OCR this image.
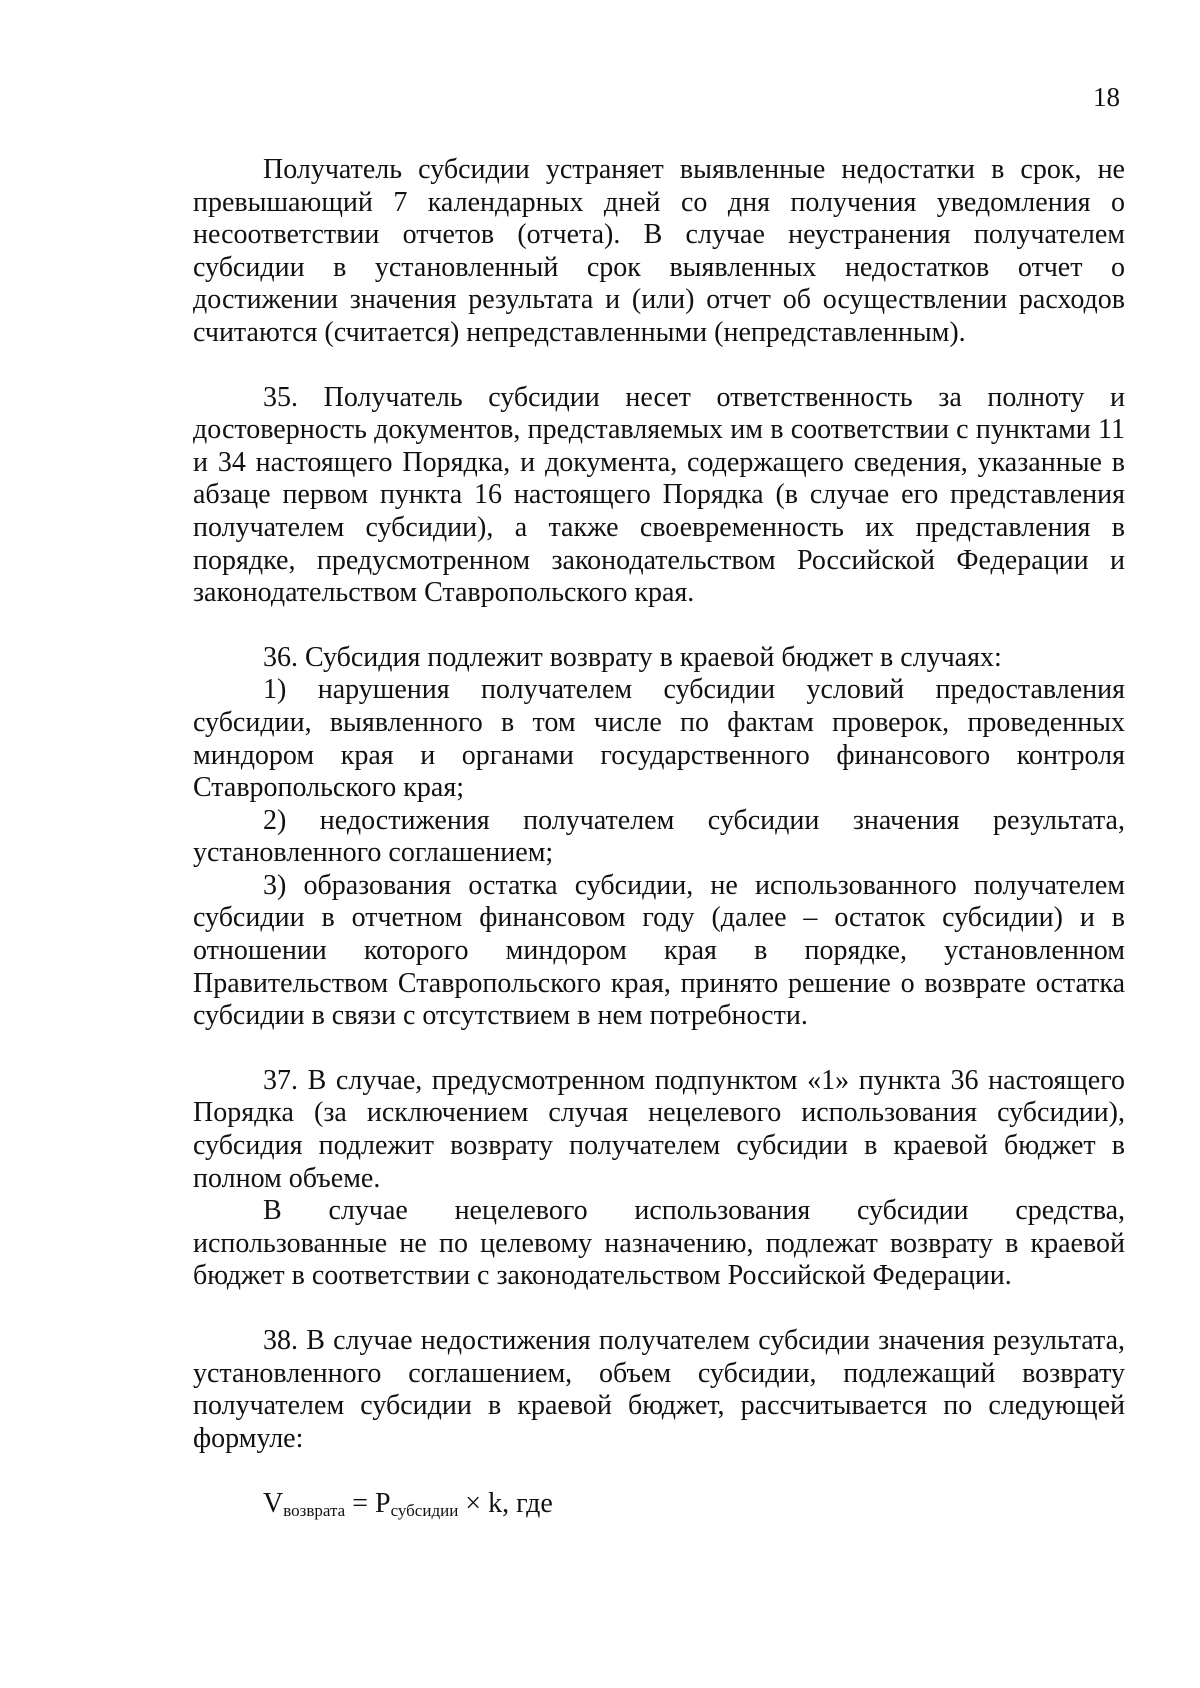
18

Получатель субсидии устраняет выявленные недостатки в срок, не превышающий 7 календарных дней со дня получения уведомления о несоответствии отчетов (отчета). В случае неустранения получателем субсидии в установленный срок выявленных недостатков отчет о достижении значения результата и (или) отчет об осуществлении расходов считаются (считается) непредставленными (непредставленным).

35. Получатель субсидии несет ответственность за полноту и достоверность документов, представляемых им в соответствии с пунктами 11 и 34 настоящего Порядка, и документа, содержащего сведения, указанные в абзаце первом пункта 16 настоящего Порядка (в случае его представления получателем субсидии), а также своевременность их представления в порядке, предусмотренном законодательством Российской Федерации и законодательством Ставропольского края.

36. Субсидия подлежит возврату в краевой бюджет в случаях:

1) нарушения получателем субсидии условий предоставления субсидии, выявленного в том числе по фактам проверок, проведенных миндором края и органами государственного финансового контроля Ставропольского края;

2) недостижения получателем субсидии значения результата, установленного соглашением;

3) образования остатка субсидии, не использованного получателем субсидии в отчетном финансовом году (далее – остаток субсидии) и в отношении которого миндором края в порядке, установленном Правительством Ставропольского края, принято решение о возврате остатка субсидии в связи с отсутствием в нем потребности.

37. В случае, предусмотренном подпунктом «1» пункта 36 настоящего Порядка (за исключением случая нецелевого использования субсидии), субсидия подлежит возврату получателем субсидии в краевой бюджет в полном объеме.

В случае нецелевого использования субсидии средства, использованные не по целевому назначению, подлежат возврату в краевой бюджет в соответствии с законодательством Российской Федерации.

38. В случае недостижения получателем субсидии значения результата, установленного соглашением, объем субсидии, подлежащий возврату получателем субсидии в краевой бюджет, рассчитывается по следующей формуле:

$V_{возврата} = P_{субсидии} \times k$, где
